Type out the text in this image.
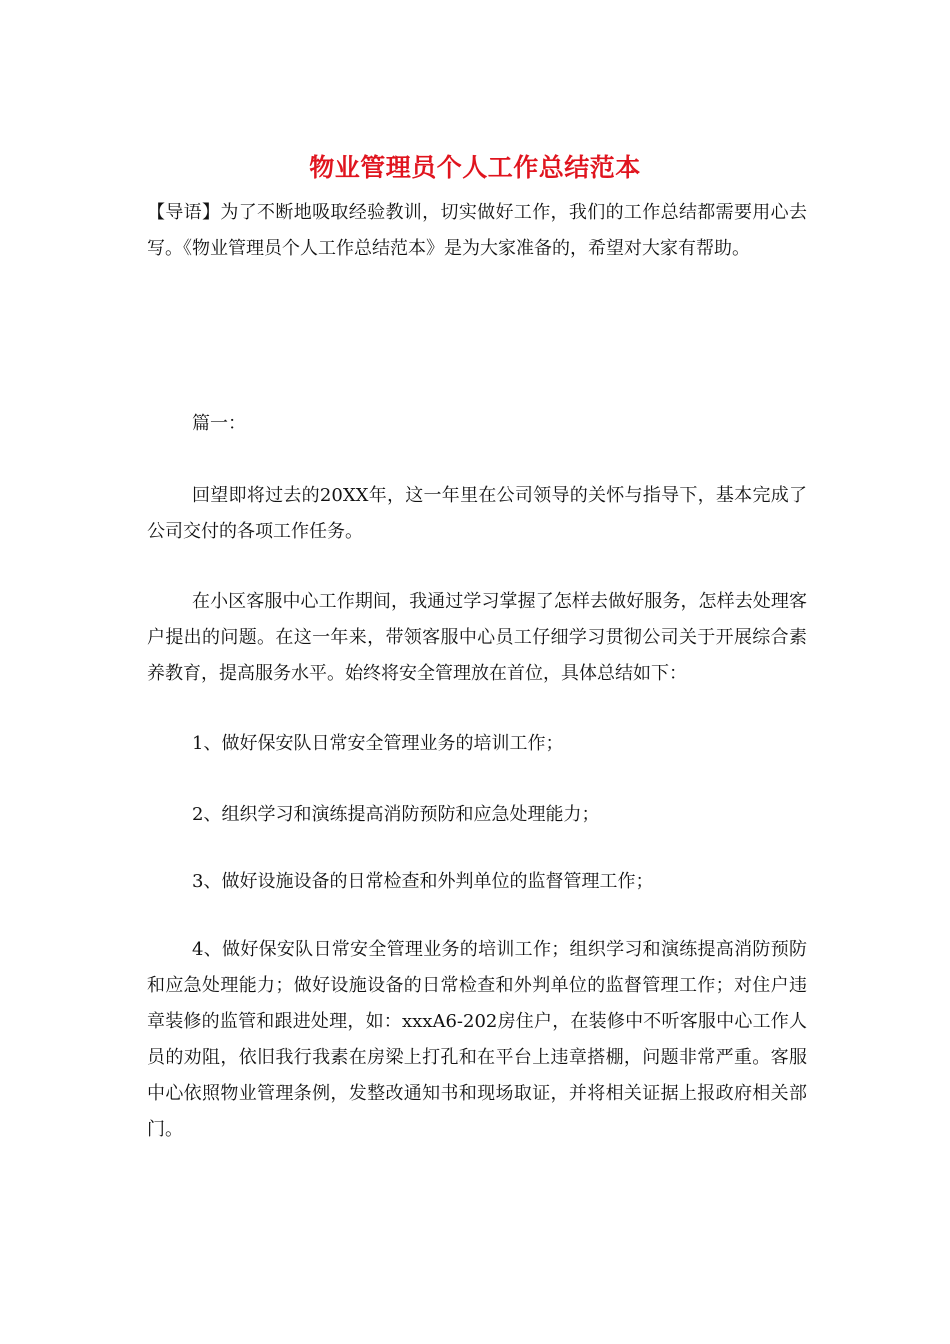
物业管理员个人工作总结范本

【导语】为了不断地吸取经验教训，切实做好工作，我们的工作总结都需要用心去写。《物业管理员个人工作总结范本》是为大家准备的，希望对大家有帮助。

篇一：

回望即将过去的20XX年，这一年里在公司领导的关怀与指导下，基本完成了公司交付的各项工作任务。

在小区客服中心工作期间，我通过学习掌握了怎样去做好服务，怎样去处理客户提出的问题。在这一年来，带领客服中心员工仔细学习贯彻公司关于开展综合素养教育，提高服务水平。始终将安全管理放在首位，具体总结如下：

1、做好保安队日常安全管理业务的培训工作；

2、组织学习和演练提高消防预防和应急处理能力；

3、做好设施设备的日常检查和外判单位的监督管理工作；

4、做好保安队日常安全管理业务的培训工作；组织学习和演练提高消防预防和应急处理能力；做好设施设备的日常检查和外判单位的监督管理工作；对住户违章装修的监管和跟进处理，如：xxxA6-202房住户，在装修中不听客服中心工作人员的劝阻，依旧我行我素在房梁上打孔和在平台上违章搭棚，问题非常严重。客服中心依照物业管理条例，发整改通知书和现场取证，并将相关证据上报政府相关部门。
